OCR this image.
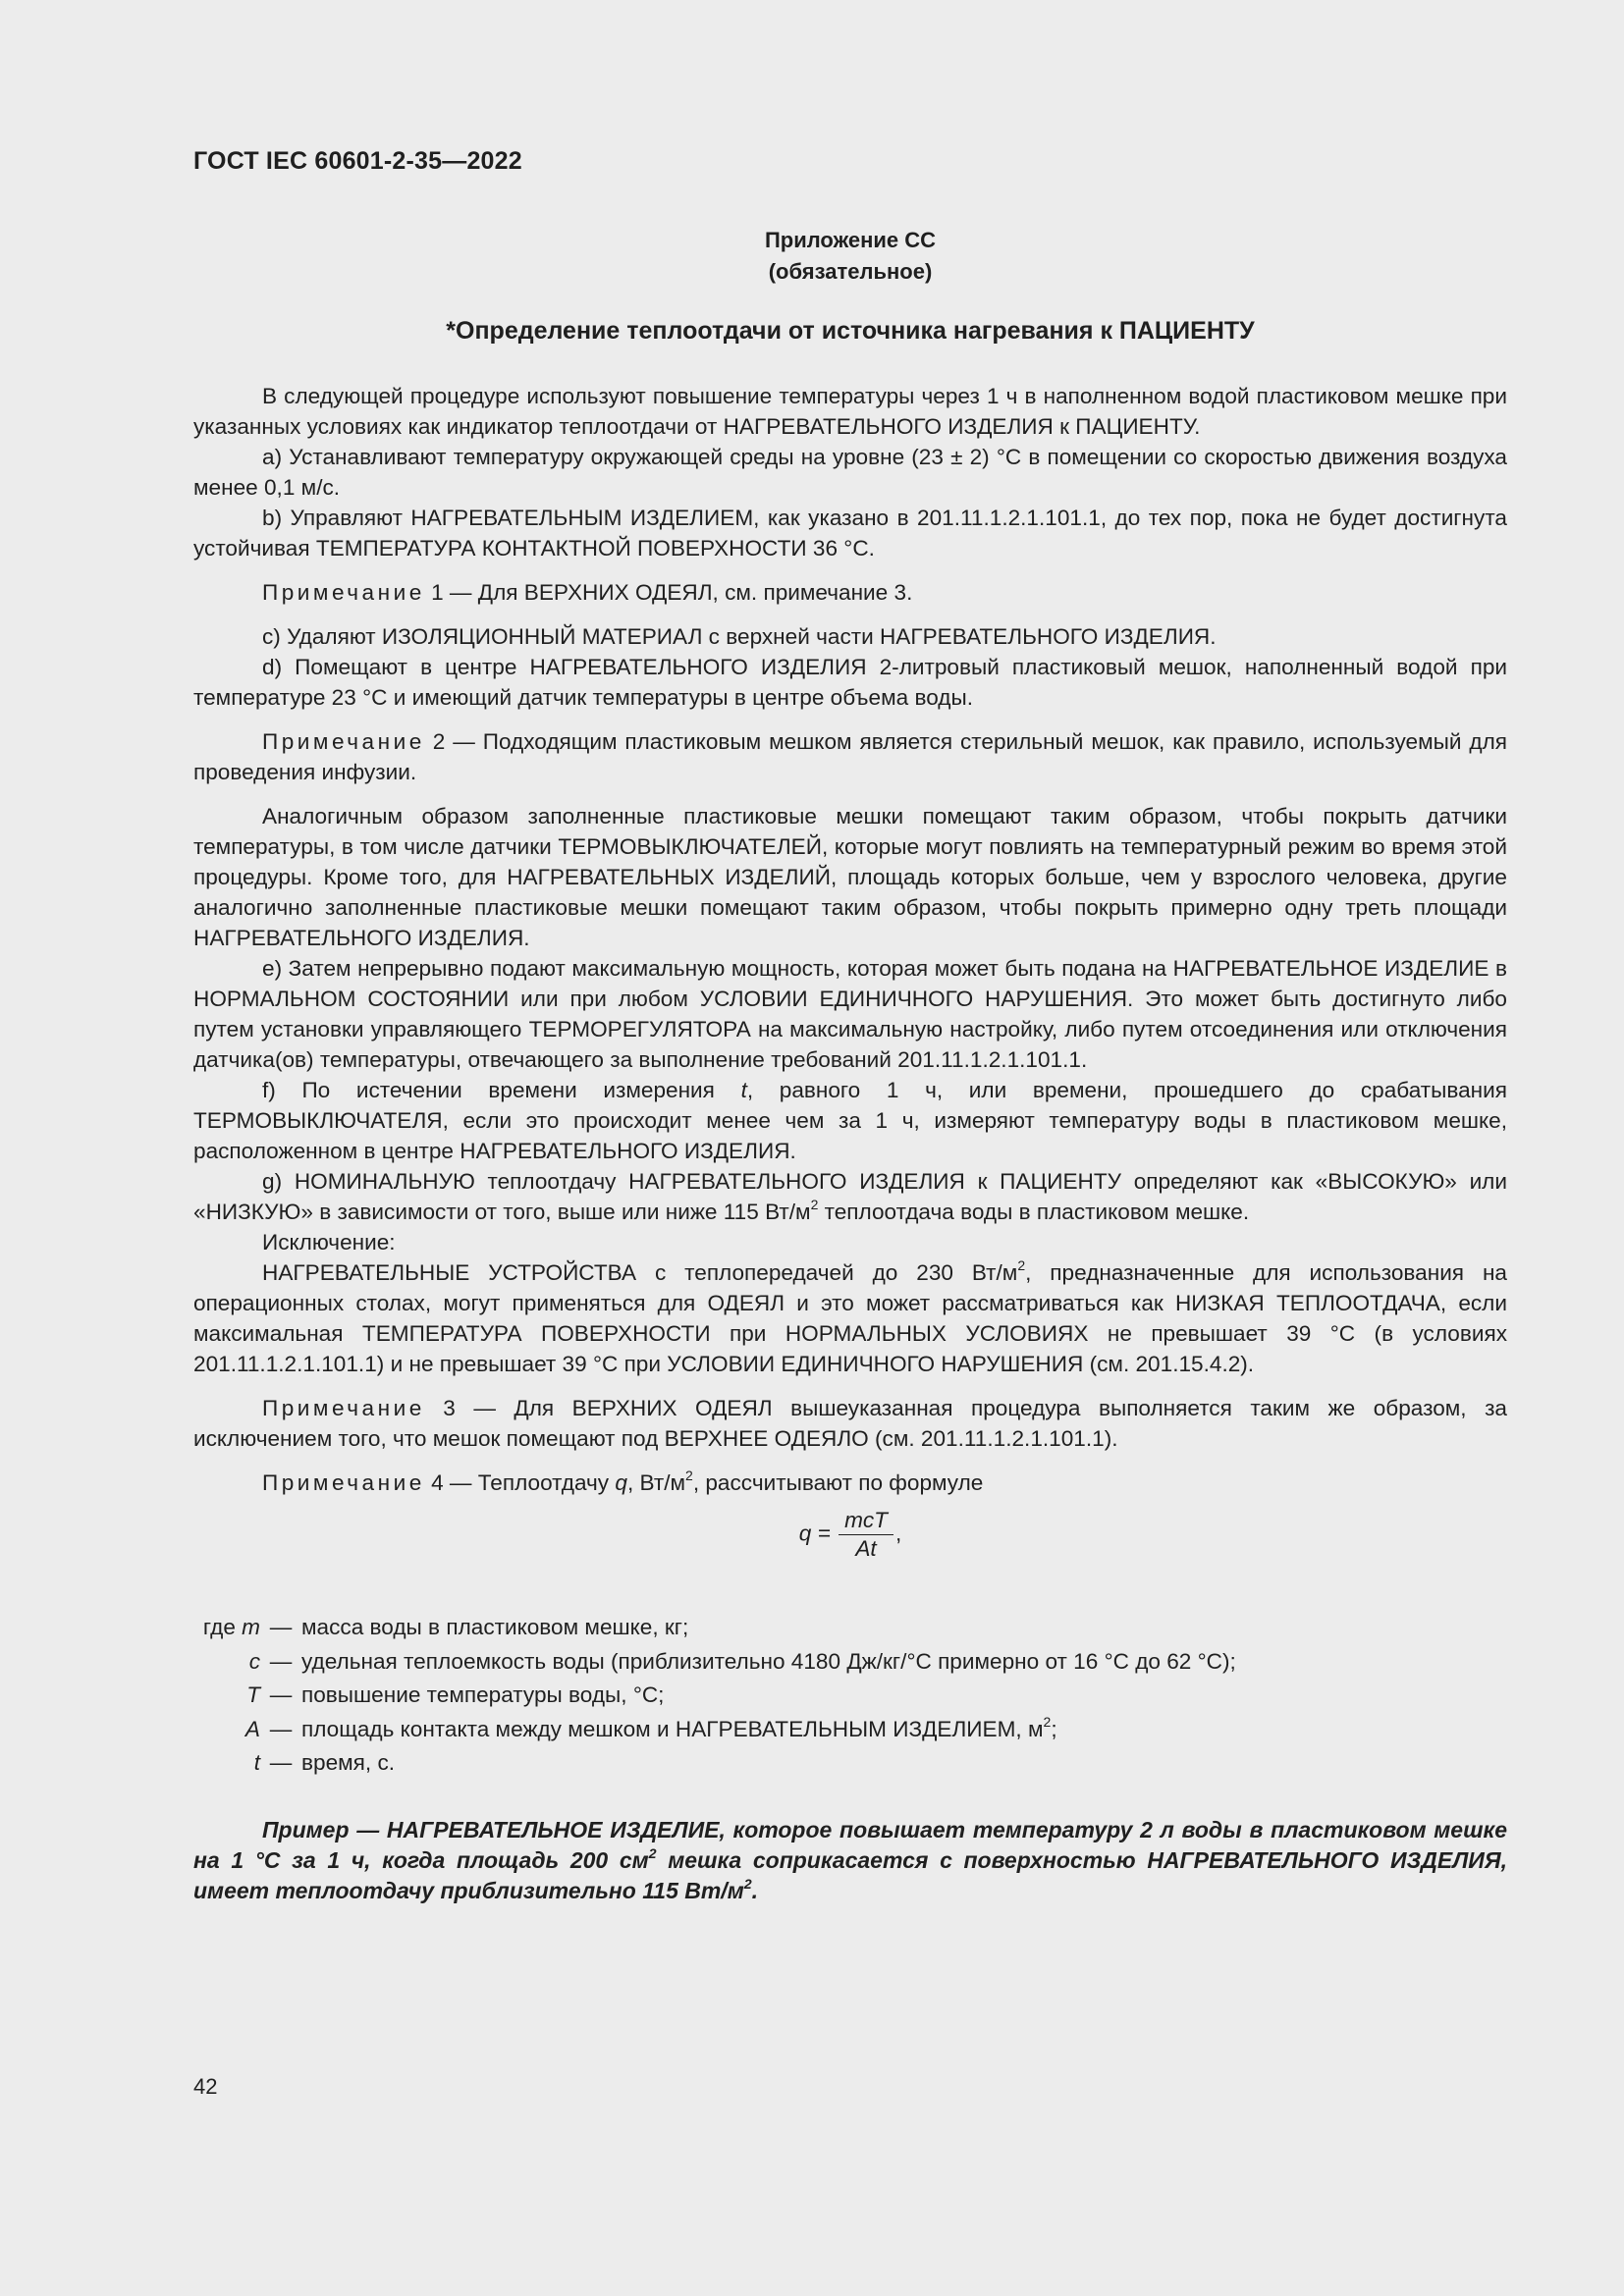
ГОСТ IEC 60601-2-35—2022
Приложение СС
(обязательное)
*Определение теплоотдачи от источника нагревания к ПАЦИЕНТУ

В следующей процедуре используют повышение температуры через 1 ч в наполненном водой пластиковом мешке при указанных условиях как индикатор теплоотдачи от НАГРЕВАТЕЛЬНОГО ИЗДЕЛИЯ к ПАЦИЕНТУ.

а) Устанавливают температуру окружающей среды на уровне (23 ± 2) °С в помещении со скоростью движения воздуха менее 0,1 м/с.

b) Управляют НАГРЕВАТЕЛЬНЫМ ИЗДЕЛИЕМ, как указано в 201.11.1.2.1.101.1, до тех пор, пока не будет достигнута устойчивая ТЕМПЕРАТУРА КОНТАКТНОЙ ПОВЕРХНОСТИ 36 °С.

Примечание 1 — Для ВЕРХНИХ ОДЕЯЛ, см. примечание 3.

с) Удаляют ИЗОЛЯЦИОННЫЙ МАТЕРИАЛ с верхней части НАГРЕВАТЕЛЬНОГО ИЗДЕЛИЯ.

d) Помещают в центре НАГРЕВАТЕЛЬНОГО ИЗДЕЛИЯ 2-литровый пластиковый мешок, наполненный водой при температуре 23 °С и имеющий датчик температуры в центре объема воды.

Примечание 2 — Подходящим пластиковым мешком является стерильный мешок, как правило, используемый для проведения инфузии.

Аналогичным образом заполненные пластиковые мешки помещают таким образом, чтобы покрыть датчики температуры, в том числе датчики ТЕРМОВЫКЛЮЧАТЕЛЕЙ, которые могут повлиять на температурный режим во время этой процедуры. Кроме того, для НАГРЕВАТЕЛЬНЫХ ИЗДЕЛИЙ, площадь которых больше, чем у взрослого человека, другие аналогично заполненные пластиковые мешки помещают таким образом, чтобы покрыть примерно одну треть площади НАГРЕВАТЕЛЬНОГО ИЗДЕЛИЯ.

е) Затем непрерывно подают максимальную мощность, которая может быть подана на НАГРЕВАТЕЛЬНОЕ ИЗДЕЛИЕ в НОРМАЛЬНОМ СОСТОЯНИИ или при любом УСЛОВИИ ЕДИНИЧНОГО НАРУШЕНИЯ. Это может быть достигнуто либо путем установки управляющего ТЕРМОРЕГУЛЯТОРА на максимальную настройку, либо путем отсоединения или отключения датчика(ов) температуры, отвечающего за выполнение требований 201.11.1.2.1.101.1.

f) По истечении времени измерения t, равного 1 ч, или времени, прошедшего до срабатывания ТЕРМОВЫКЛЮЧАТЕЛЯ, если это происходит менее чем за 1 ч, измеряют температуру воды в пластиковом мешке, расположенном в центре НАГРЕВАТЕЛЬНОГО ИЗДЕЛИЯ.

g) НОМИНАЛЬНУЮ теплоотдачу НАГРЕВАТЕЛЬНОГО ИЗДЕЛИЯ к ПАЦИЕНТУ определяют как «ВЫСОКУЮ» или «НИЗКУЮ» в зависимости от того, выше или ниже 115 $Вт/м^2$ теплоотдача воды в пластиковом мешке.

Исключение:

НАГРЕВАТЕЛЬНЫЕ УСТРОЙСТВА с теплопередачей до 230 $Вт/м^2$, предназначенные для использования на операционных столах, могут применяться для ОДЕЯЛ и это может рассматриваться как НИЗКАЯ ТЕПЛООТДАЧА, если максимальная ТЕМПЕРАТУРА ПОВЕРХНОСТИ при НОРМАЛЬНЫХ УСЛОВИЯХ не превышает 39 °С (в условиях 201.11.1.2.1.101.1) и не превышает 39 °С при УСЛОВИИ ЕДИНИЧНОГО НАРУШЕНИЯ (см. 201.15.4.2).

Примечание 3 — Для ВЕРХНИХ ОДЕЯЛ вышеуказанная процедура выполняется таким же образом, за исключением того, что мешок помещают под ВЕРХНЕЕ ОДЕЯЛО (см. 201.11.1.2.1.101.1).

Примечание 4 — Теплоотдачу q, $Вт/м^2$, рассчитывают по формуле

$q = \frac{\text{mcT}}{At}$ ,
где m — масса воды в пластиковом мешке, кг;
c — удельная теплоемкость воды (приблизительно 4180 Дж/кг/°С примерно от 16 °С до 62 °С);
T — повышение температуры воды, °С;
A — площадь контакта между мешком и НАГРЕВАТЕЛЬНЫМ ИЗДЕЛИЕМ, $м^2$;
t — время, с.

Пример — НАГРЕВАТЕЛЬНОЕ ИЗДЕЛИЕ, которое повышает температуру 2 л воды в пластиковом мешке на 1 °С за 1 ч, когда площадь 200 $см^2$ мешка соприкасается с поверхностью НАГРЕВАТЕЛЬНОГО ИЗДЕЛИЯ, имеет теплоотдачу приблизительно 115 $Вт/м^2$.

42
